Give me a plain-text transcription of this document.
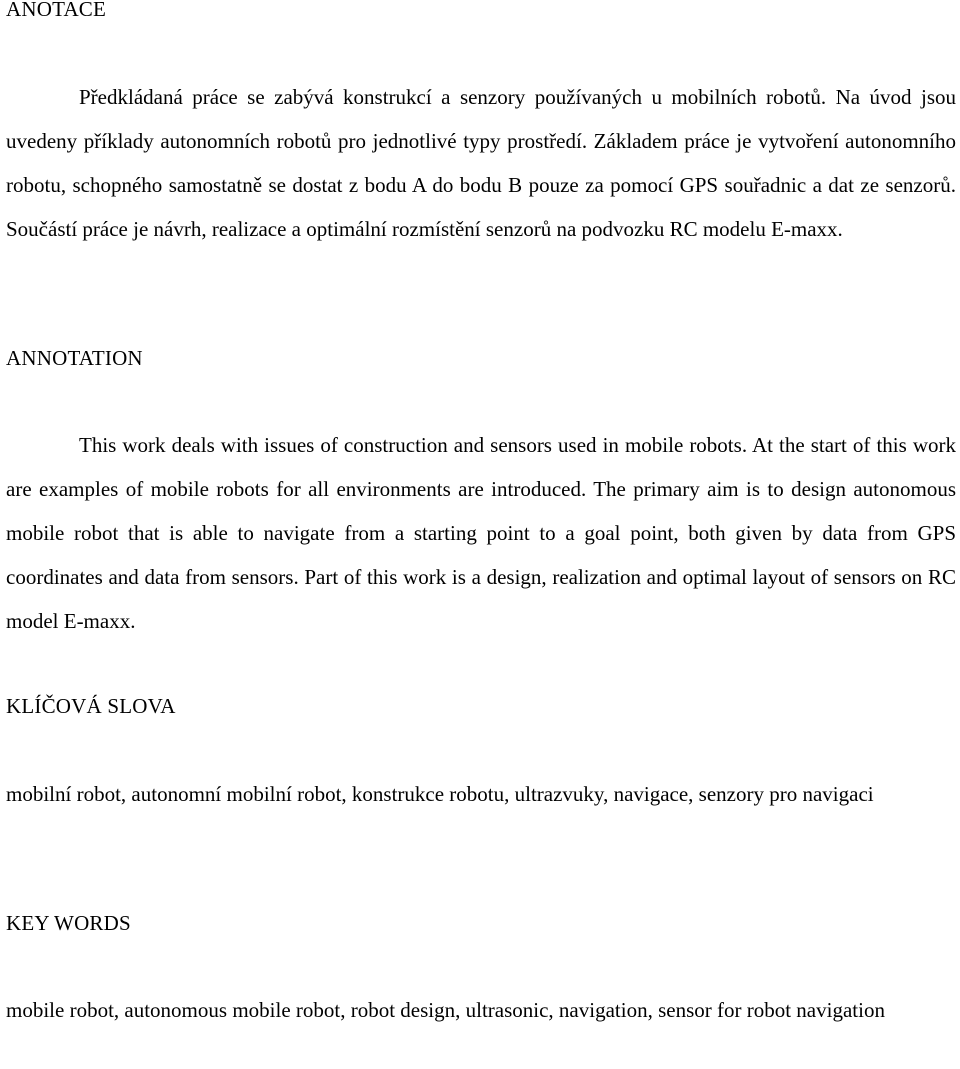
ANOTACE
Předkládaná práce se zabývá konstrukcí a senzory používaných u mobilních robotů. Na úvod jsou uvedeny příklady autonomních robotů pro jednotlivé typy prostředí. Základem práce je vytvoření autonomního robotu, schopného samostatně se dostat z bodu A do bodu B pouze za pomocí GPS souřadnic a dat ze senzorů. Součástí práce je návrh, realizace a optimální rozmístění senzorů na podvozku RC modelu E-maxx.
ANNOTATION
This work deals with issues of construction and sensors used in mobile robots. At the start of this work are examples of mobile robots for all environments are introduced. The primary aim is to design autonomous mobile robot that is able to navigate from a starting point to a goal point, both given by data from GPS coordinates and data from sensors. Part of this work is a design, realization and optimal layout of sensors on RC model E-maxx.
KLÍČOVÁ SLOVA
mobilní robot, autonomní mobilní robot, konstrukce robotu, ultrazvuky, navigace, senzory pro navigaci
KEY WORDS
mobile robot, autonomous mobile robot, robot design, ultrasonic, navigation, sensor for robot navigation
